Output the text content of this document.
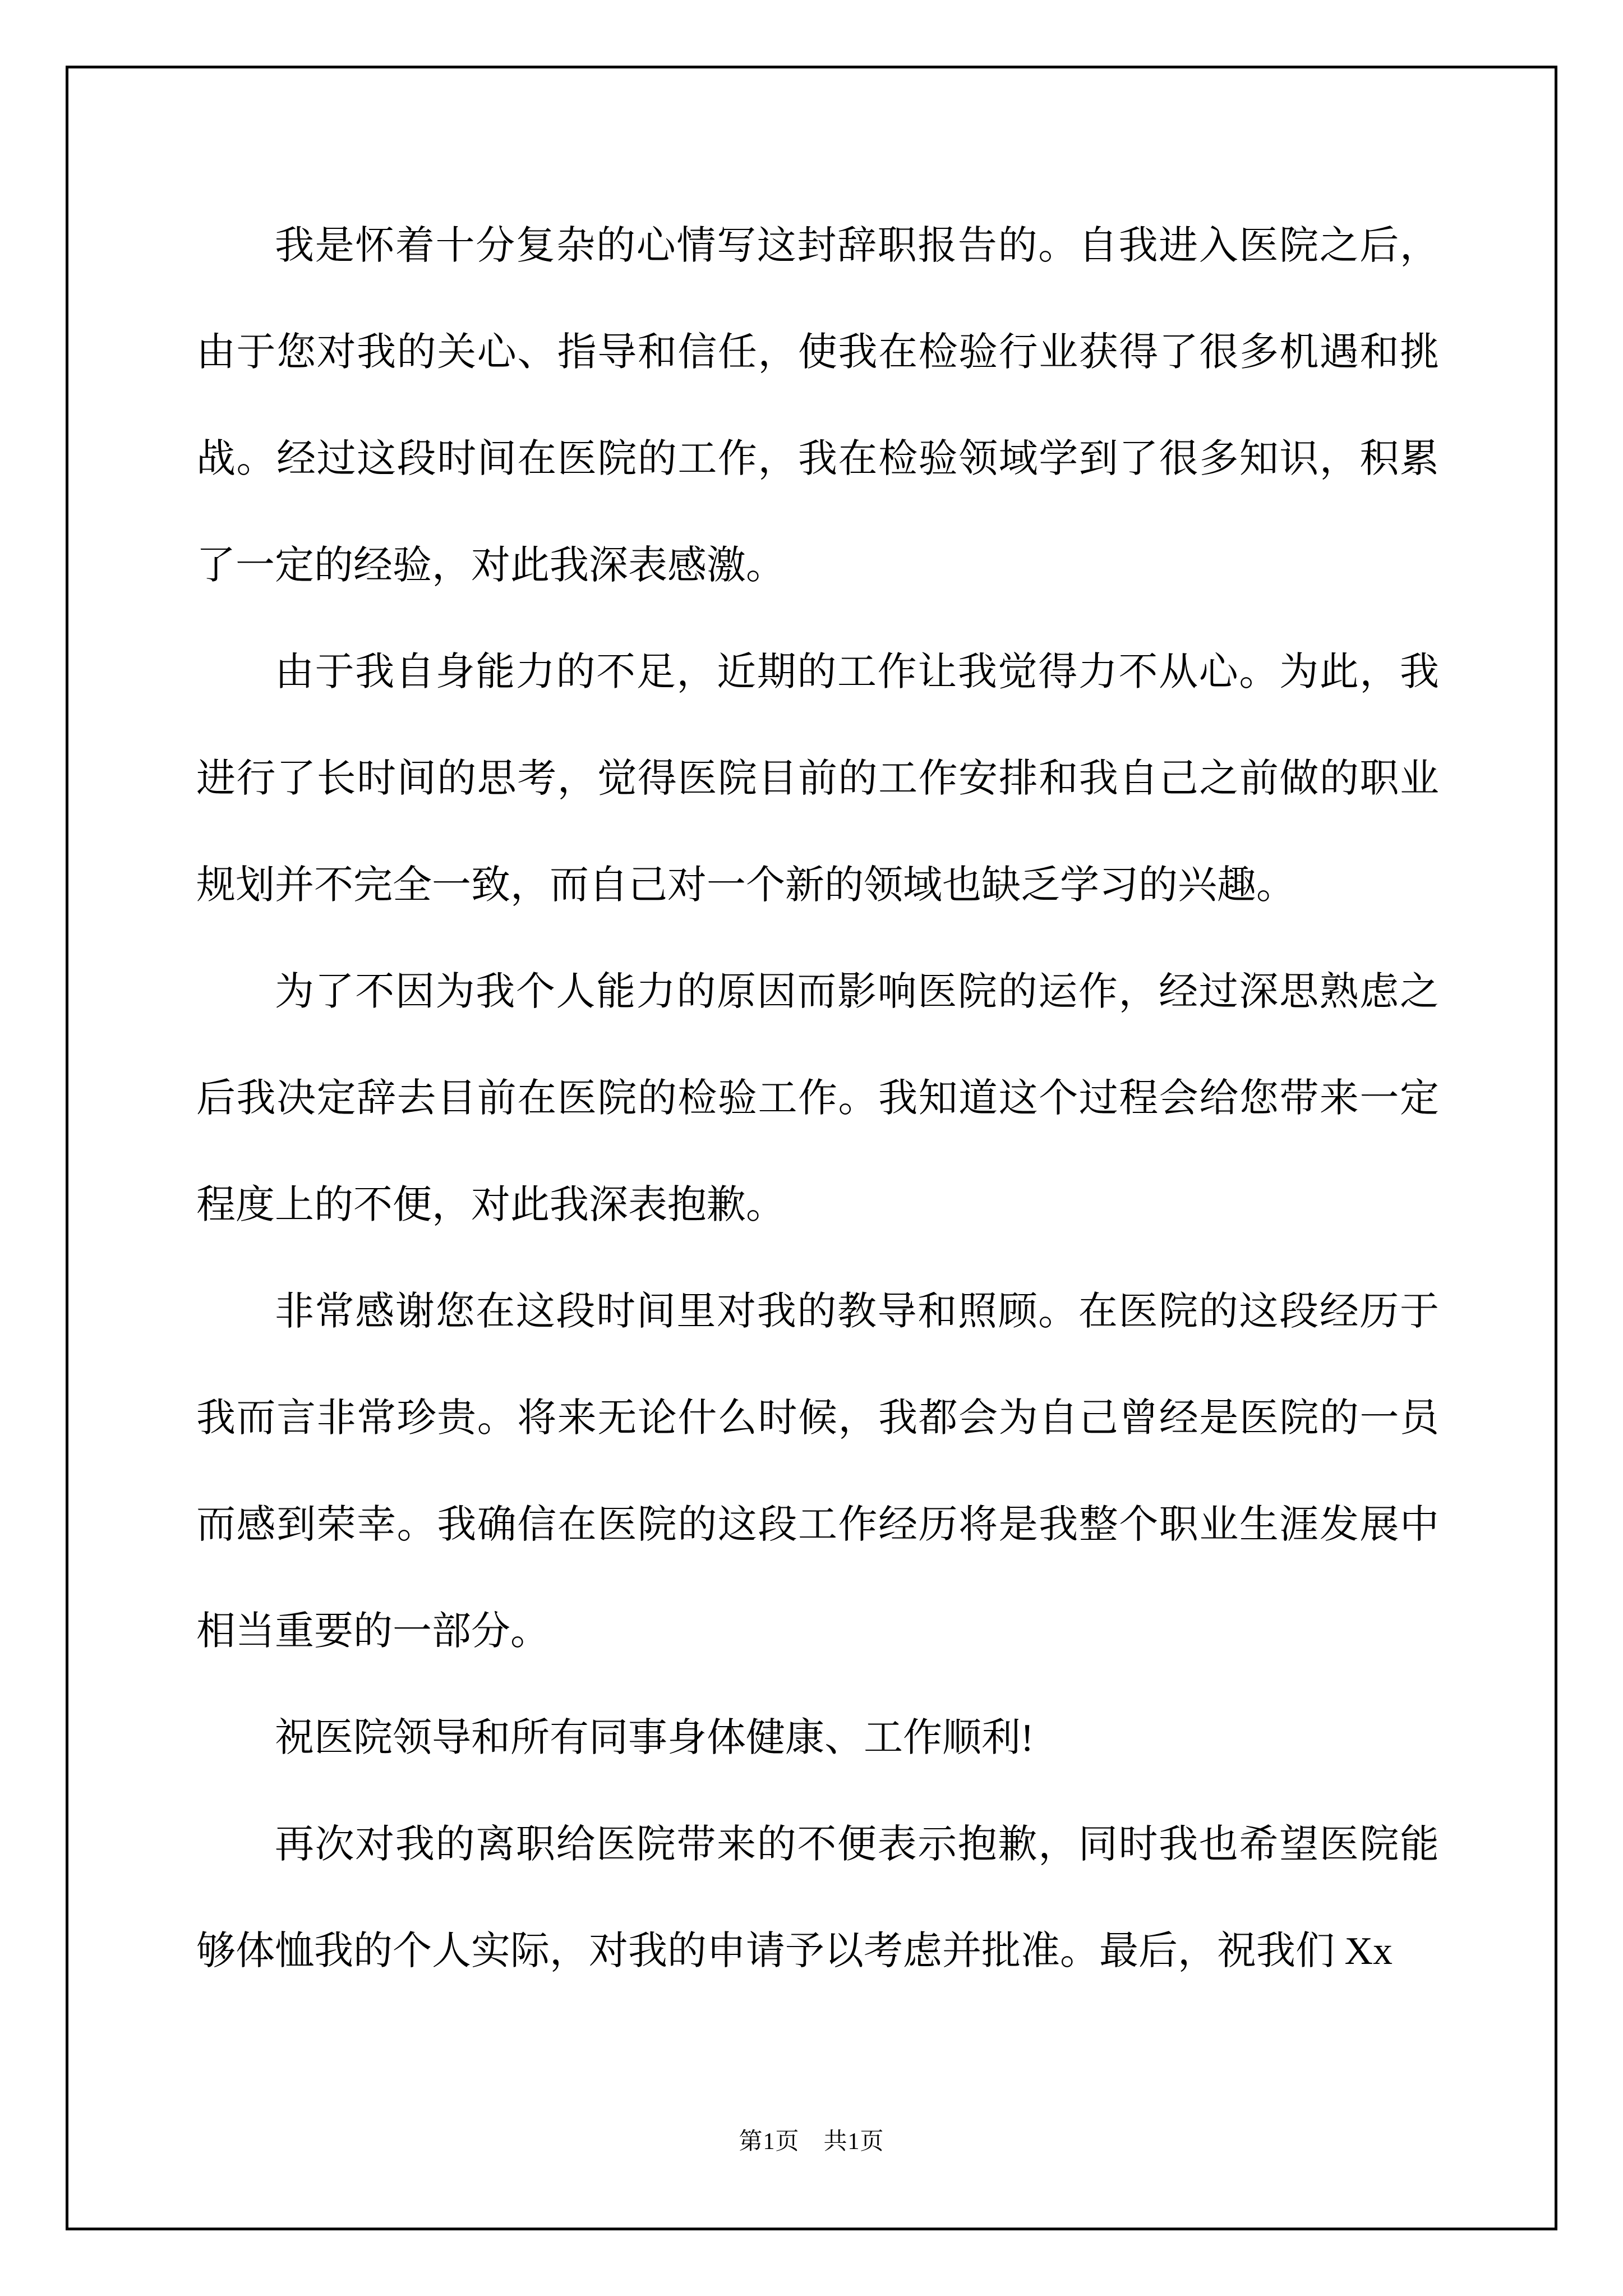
我是怀着十分复杂的心情写这封辞职报告的。自我进入医院之后，由于您对我的关心、指导和信任，使我在检验行业获得了很多机遇和挑战。经过这段时间在医院的工作，我在检验领域学到了很多知识，积累了一定的经验，对此我深表感激。

由于我自身能力的不足，近期的工作让我觉得力不从心。为此，我进行了长时间的思考，觉得医院目前的工作安排和我自己之前做的职业规划并不完全一致，而自己对一个新的领域也缺乏学习的兴趣。

为了不因为我个人能力的原因而影响医院的运作，经过深思熟虑之后我决定辞去目前在医院的检验工作。我知道这个过程会给您带来一定程度上的不便，对此我深表抱歉。

非常感谢您在这段时间里对我的教导和照顾。在医院的这段经历于我而言非常珍贵。将来无论什么时候，我都会为自己曾经是医院的一员而感到荣幸。我确信在医院的这段工作经历将是我整个职业生涯发展中相当重要的一部分。

祝医院领导和所有同事身体健康、工作顺利!

再次对我的离职给医院带来的不便表示抱歉，同时我也希望医院能够体恤我的个人实际，对我的申请予以考虑并批准。最后，祝我们 Xx

第1页　共1页
